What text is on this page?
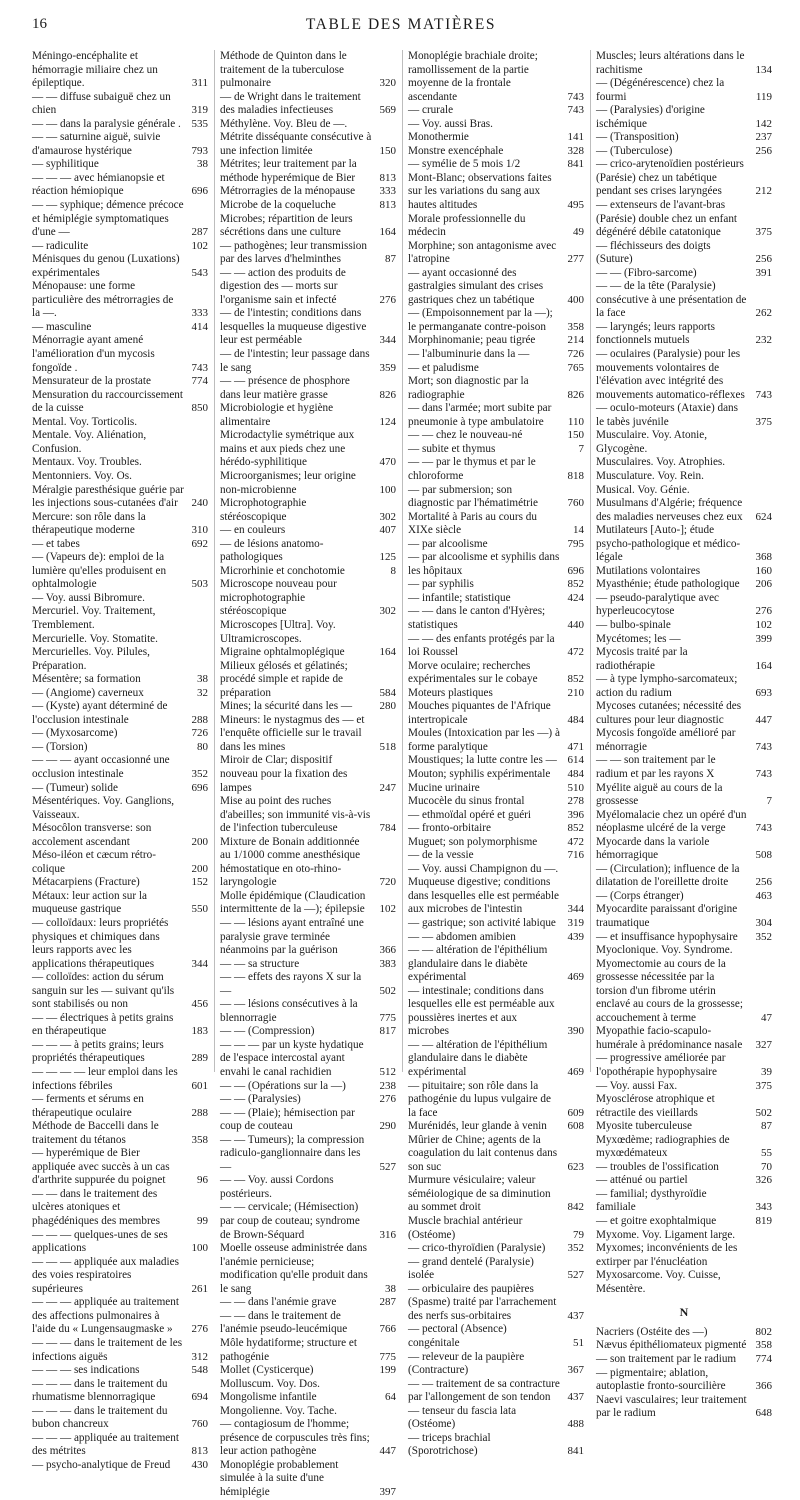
16	TABLE DES MATIÈRES
Méningo-encéphalite et hémorragie miliaire chez un épileptique.	311
— — diffuse subaiguë chez un chien	319
— — dans la paralysie générale . 535
— — saturnine aiguë, suivie d'amaurose hystérique	793
— syphilitique	38
— — — avec hémianopsie et réaction hémiopique	696
— — syphique; démence précoce et hémiplégie symptomatiques d'une —	287
— radiculite	102
Ménisques du genou (Luxations) expérimentales	543
Ménopause: une forme particulière des métrorragies de la —.	333
— masculine	414
Ménorragie ayant amené l'amélioration d'un mycosis fongoïde .	743
Mensurateur de la prostate	774
Mensuration du raccourcissement de la cuisse	850
Mental. Voy. Torticolis.
Mentale. Voy. Aliénation, Confusion.
Mentaux. Voy. Troubles.
Mentonniers. Voy. Os.
Méralgie paresthésique guérie par les injections sous-cutanées d'air 240
Mercure: son rôle dans la thérapeutique moderne	310
— et tabes	692
— (Vapeurs de): emploi de la lumière qu'elles produisent en ophtalmologie	503
— Voy. aussi Bibromure.
Mercuriel. Voy. Traitement, Tremblement.
Mercurielle. Voy. Stomatite.
Mercurielles. Voy. Pilules, Préparation.
Mésentère; sa formation	38
— (Angiome) caverneux	32
— (Kyste) ayant déterminé de l'occlusion intestinale	288
— (Myxosarcome)	726
— (Torsion)	80
— — — ayant occasionné une occlusion intestinale	352
— (Tumeur) solide	696
Mésentériques. Voy. Ganglions, Vaisseaux.
Mésocôlon transverse: son accolement ascendant	200
Méso-iléon et cæcum rétro-colique	200
Métacarpiens (Fracture)	152
Métaux: leur action sur la muqueuse gastrique	550
— colloïdaux: leurs propriétés physiques et chimiques dans leurs rapports avec les applications thérapeutiques	344
— colloïdes: action du sérum sanguin sur les — suivant qu'ils sont stabilisés ou non	456
— — électriques à petits grains en thérapeutique	183
— — — à petits grains; leurs propriétés thérapeutiques	289
— — — — leur emploi dans les infections fébriles	601
— ferments et sérums en thérapeutique oculaire	288
Méthode de Baccelli dans le traitement du tétanos	358
— hyperémique de Bier appliquée avec succès à un cas d'arthrite suppurée du poignet	96
— — dans le traitement des ulcères atoniques et phagédéniques des membres	99
— — — quelques-unes de ses applications	100
— — — appliquée aux maladies des voies respiratoires supérieures	261
— — — appliquée au traitement des affections pulmonaires à l'aide du « Lungensaugmaske » 276
— — — dans le traitement de les infections aiguës	312
— — — ses indications	548
— — — dans le traitement du rhumatisme blennorragique	694
— — — dans le traitement du bubon chancreux	760
— — — appliquée au traitement des métrites	813
— psycho-analytique de Freud 430
Méthode de Quinton dans le traitement de la tuberculose pulmonaire	320
— de Wright dans le traitement des maladies infectieuses	569
Méthylène. Voy. Bleu de —.
Métrite disséquante consécutive à une infection limitée	150
Métrites; leur traitement par la méthode hyperémique de Bier 813
Métrorragies de la ménopause 333
Microbe de la coqueluche	813
Microbes; répartition de leurs sécrétions dans une culture	164
— pathogènes; leur transmission par des larves d'helminthes	87
— — action des produits de digestion des — morts sur l'organisme sain et infecté	276
— de l'intestin; conditions dans lesquelles la muqueuse digestive leur est perméable	344
— de l'intestin; leur passage dans le sang	359
— — présence de phosphore dans leur matière grasse	826
Microbiologie et hygiène alimentaire	124
Microdactylie symétrique aux mains et aux pieds chez une hérédo-syphilitique	470
Microorganismes; leur origine non-microbienne	100
Microphotographie stéréoscopique	302
— en couleurs	407
— de lésions anatomo-pathologiques	125
Microrhinie et conchotomie	8
Microscope nouveau pour microphotographie stéréoscopique	302
Microscopes [Ultra]. Voy. Ultramicroscopes.
Migraine ophtalmoplégique	164
Milieux gélosés et gélatinés; procédé simple et rapide de préparation	584
Mines; la sécurité dans les — 280
Mineurs: le nystagmus des — et l'enquête officielle sur le travail dans les mines	518
Miroir de Clar; dispositif nouveau pour la fixation des lampes	247
Mise au point des ruches d'abeilles; son immunité vis-à-vis de l'infection tuberculeuse	784
Mixture de Bonain additionnée au 1/1000 comme anesthésique hémostatique en oto-rhino-laryngologie	720
Molle épidémique (Claudication intermittente de la —); épilepsie 102
— — lésions ayant entraîné une paralysie grave terminée néanmoins par la guérison	366
— — sa structure	383
— — effets des rayons X sur la —	502
— — lésions consécutives à la blennorragie	775
— — (Compression)	817
— — — par un kyste hydatique de l'espace intercostal ayant envahi le canal rachidien	512
— — (Opérations sur la —)	238
— — (Paralysies)	276
— — (Plaie); hémisection par coup de couteau	290
— — Tumeurs); la compression radiculo-ganglionnaire dans les —	527
— — Voy. aussi Cordons postérieurs.
— — cervicale; (Hémisection) par coup de couteau; syndrome de Brown-Séquard	316
Moelle osseuse administrée dans l'anémie pernicieuse; modification qu'elle produit dans le sang	38
— — dans l'anémie grave	287
— — dans le traitement de l'anémie pseudo-leucémique	766
Môle hydatiforme; structure et pathogénie	775
Mollet (Cysticerque)	199
Molluscum. Voy. Dos.
Mongolisme infantile	64
Mongolienne. Voy. Tache.
— contagiosum de l'homme; présence de corpuscules très fins; leur action pathogène	447
Monoplégie probablement simulée à la suite d'une hémiplégie	397
Monoplégie brachiale droite; ramollissement de la partie moyenne de la frontale ascendante	743
— crurale	743
— Voy. aussi Bras.
Monothermie	141
Monstre exencéphale	328
— symélie de 5 mois 1/2	841
Mont-Blanc; observations faites sur les variations du sang aux hautes altitudes	495
Morale professionnelle du médecin	49
Morphine; son antagonisme avec l'atropine	277
— ayant occasionné des gastralgies simulant des crises gastriques chez un tabétique	400
— (Empoisonnement par la —); le permanganate contre-poison 358
Morphinomanie; peau tigrée	214
— l'albuminurie dans la —	726
— et paludisme	765
Mort; son diagnostic par la radiographie	826
— dans l'armée; mort subite par pneumonie à type ambulatoire 110
— — chez le nouveau-né	150
— subite et thymus	7
— — par le thymus et par le chloroforme	818
— par submersion; son diagnostic par l'hématimétrie	760
Mortalité à Paris au cours du XIXe siècle	14
— par alcoolisme	795
— par alcoolisme et syphilis dans les hôpitaux	696
— par syphilis	852
— infantile; statistique	424
— — dans le canton d'Hyères; statistiques	440
— — des enfants protégés par la loi Roussel	472
Morve oculaire; recherches expérimentales sur le cobaye	852
Moteurs plastiques	210
Mouches piquantes de l'Afrique intertropicale	484
Moules (Intoxication par les —) à forme paralytique	471
Moustiques; la lutte contre les — 614
Mouton; syphilis expérimentale 484
Mucine urinaire	510
Mucocèle du sinus frontal	278
— ethmoïdal opéré et guéri	396
— fronto-orbitaire	852
Muguet; son polymorphisme	472
— de la vessie	716
— Voy. aussi Champignon du —.
Muqueuse digestive; conditions dans lesquelles elle est perméable aux microbes de l'intestin	344
— gastrique; son activité labique 319
— — abdomen amibien	439
— — altération de l'épithélium glandulaire dans le diabète expérimental	469
— intestinale; conditions dans lesquelles elle est perméable aux poussières inertes et aux microbes	390
— — altération de l'épithélium glandulaire dans le diabète expérimental	469
— pituitaire; son rôle dans la pathogénie du lupus vulgaire de la face	609
Murénidés, leur glande à venin 608
Mûrier de Chine; agents de la coagulation du lait contenus dans son suc	623
Murmure vésiculaire; valeur séméiologique de sa diminution au sommet droit	842
Muscle brachial antérieur (Ostéome)	79
— crico-thyroïdien (Paralysie) 352
— grand dentelé (Paralysie) isolée	527
— orbiculaire des paupières (Spasme) traité par l'arrachement des nerfs sus-orbitaires	437
— pectoral (Absence) congénitale	51
— releveur de la paupière (Contracture)	367
— — traitement de sa contracture par l'allongement de son tendon 437
— tenseur du fascia lata (Ostéome)	488
— triceps brachial (Sporotrichose)	841
Muscles; leurs altérations dans le rachitisme	134
— (Dégénérescence) chez la fourmi	119
— (Paralysies) d'origine ischémique	142
— (Transposition)	237
— (Tuberculose)	256
— crico-arytenoïdien postérieurs (Parésie) chez un tabétique pendant ses crises laryngées	212
— extenseurs de l'avant-bras (Parésie) double chez un enfant dégénéré débile catatonique	375
— fléchisseurs des doigts (Suture)	256
— — (Fibro-sarcome)	391
— — de la tête (Paralysie) consécutive à une présentation de la face	262
— laryngés; leurs rapports fonctionnels mutuels	232
— oculaires (Paralysie) pour les mouvements volontaires de l'élévation avec intégrité des mouvements automatico-réflexes 743
— oculo-moteurs (Ataxie) dans le tabès juvénile	375
Musculaire. Voy. Atonie, Glycogène.
Musculaires. Voy. Atrophies.
Musculature. Voy. Rein.
Musical. Voy. Génie.
Musulmans d'Algérie; fréquence des maladies nerveuses chez eux 624
Mutilateurs [Auto-]; étude psycho-pathologique et médico-légale	368
Mutilations volontaires	160
Myasthénie; étude pathologique 206
— pseudo-paralytique avec hyperleucocytose	276
— bulbo-spinale	102
Mycétomes; les —	399
Mycosis traité par la radiothérapie	164
— à type lympho-sarcomateux; action du radium	693
Mycoses cutanées; nécessité des cultures pour leur diagnostic	447
Mycosis fongoïde amélioré par ménorragie	743
— — son traitement par le radium et par les rayons X	743
Myélite aiguë au cours de la grossesse	7
Myélomalacie chez un opéré d'un néoplasme ulcéré de la verge	743
Myocarde dans la variole hémorragique	508
— (Circulation); influence de la dilatation de l'oreillette droite 256
— (Corps étranger)	463
Myocardite paraissant d'origine traumatique	304
— et insuffisance hypophysaire 352
Myoclonique. Voy. Syndrome.
Myomectomie au cours de la grossesse nécessitée par la torsion d'un fibrome utérin enclavé au cours de la grossesse; accouchement à terme	47
Myopathie facio-scapulo-humérale à prédominance nasale 327
— progressive améliorée par l'opothérapie hypophysaire	39
— Voy. aussi Fax.	375
Myosclérose atrophique et rétractile des vieillards	502
Myosite tuberculeuse	87
Myxœdème; radiographies de myxœdémateux	55
— troubles de l'ossification	70
— atténué ou partiel	326
— familial; dysthyroïdie familiale	343
— et goitre exophtalmique	819
Myxome. Voy. Ligament large.
Myxomes; inconvénients de les extirper par l'énucléation
Myxosarcome. Voy. Cuisse, Mésentère.
N
Nacriers (Ostéite des —)	802
Nævus épithéliomateux pigmenté 358
— son traitement par le radium 774
— pigmentaire; ablation, autoplastie fronto-sourcilière	366
Naevi vasculaires; leur traitement par le radium	648
